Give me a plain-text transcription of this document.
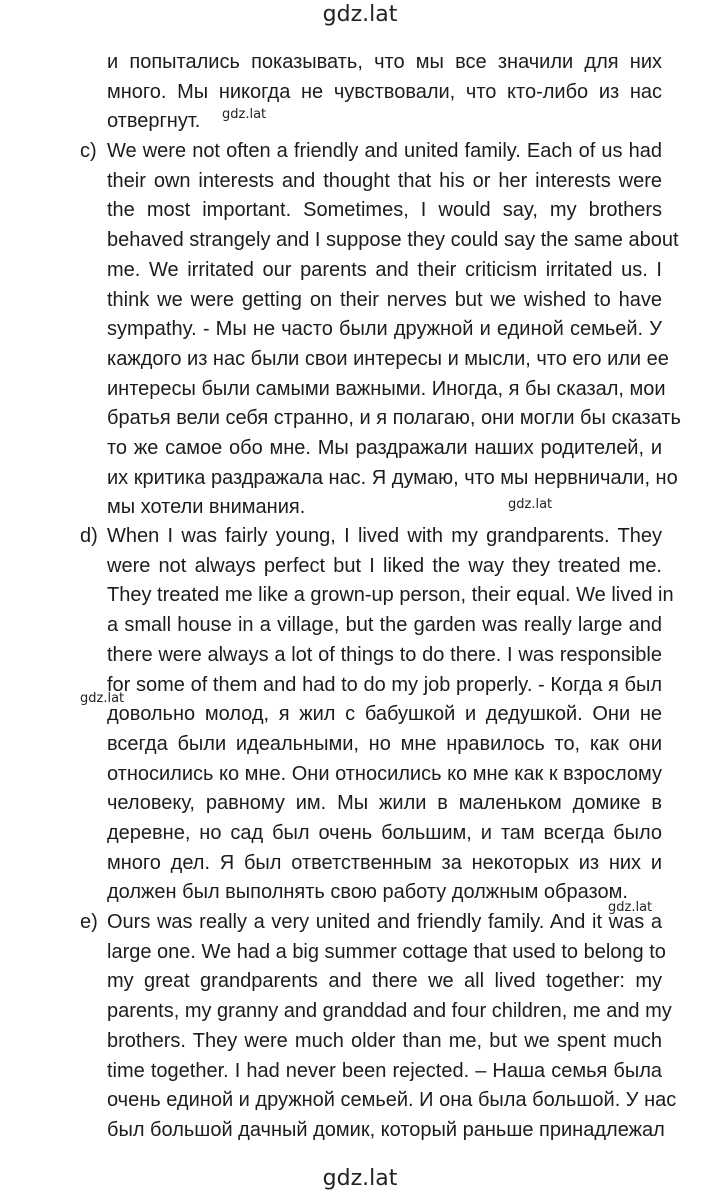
gdz.lat
и попытались показывать, что мы все значили для них
много. Мы никогда не чувствовали, что кто-либо из нас
отвергнут.
c) We were not often a friendly and united family. Each of us had
their own interests and thought that his or her interests were
the most important. Sometimes, I would say, my brothers
behaved strangely and I suppose they could say the same about
me. We irritated our parents and their criticism irritated us. I
think we were getting on their nerves but we wished to have
sympathy. - Мы не часто были дружной и единой семьей. У
каждого из нас были свои интересы и мысли, что его или ее
интересы были самыми важными. Иногда, я бы сказал, мои
братья вели себя странно, и я полагаю, они могли бы сказать
то же самое обо мне. Мы раздражали наших родителей, и
их критика раздражала нас. Я думаю, что мы нервничали, но
мы хотели внимания.
d) When I was fairly young, I lived with my grandparents. They
were not always perfect but I liked the way they treated me.
They treated me like a grown-up person, their equal. We lived in
a small house in a village, but the garden was really large and
there were always a lot of things to do there. I was responsible
for some of them and had to do my job properly. - Когда я был
довольно молод, я жил с бабушкой и дедушкой. Они не
всегда были идеальными, но мне нравилось то, как они
относились ко мне. Они относились ко мне как к взрослому
человеку, равному им. Мы жили в маленьком домике в
деревне, но сад был очень большим, и там всегда было
много дел. Я был ответственным за некоторых из них и
должен был выполнять свою работу должным образом.
e) Ours was really a very united and friendly family. And it was a
large one. We had a big summer cottage that used to belong to
my great grandparents and there we all lived together: my
parents, my granny and granddad and four children, me and my
brothers. They were much older than me, but we spent much
time together. I had never been rejected. – Наша семья была
очень единой и дружной семьей. И она была большой. У нас
был большой дачный домик, который раньше принадлежал
gdz.lat
gdz.lat
gdz.lat
gdz.lat
gdz.lat
